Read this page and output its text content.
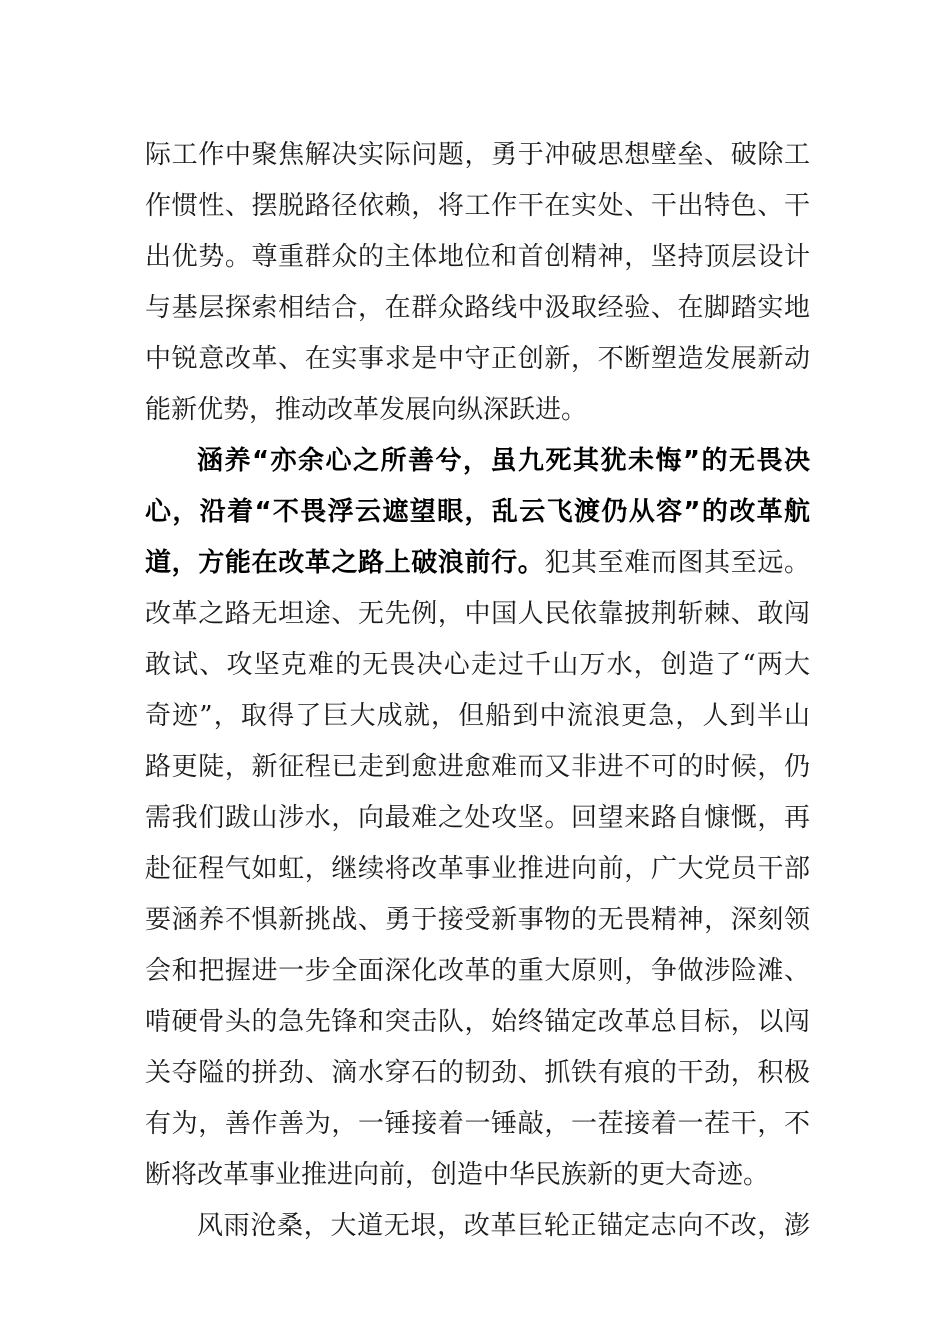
际工作中聚焦解决实际问题，勇于冲破思想壁垒、破除工
作惯性、摆脱路径依赖，将工作干在实处、干出特色、干
出优势。尊重群众的主体地位和首创精神，坚持顶层设计
与基层探索相结合，在群众路线中汲取经验、在脚踏实地
中锐意改革、在实事求是中守正创新，不断塑造发展新动
能新优势，推动改革发展向纵深跃进。
涵养“亦余心之所善兮，虽九死其犹未悔”的无畏决
心，沿着“不畏浮云遮望眼，乱云飞渡仍从容”的改革航
道，方能在改革之路上破浪前行。犯其至难而图其至远。
改革之路无坦途、无先例，中国人民依靠披荆斩棘、敢闯
敢试、攻坚克难的无畏决心走过千山万水，创造了“两大
奇迹”，取得了巨大成就，但船到中流浪更急，人到半山
路更陡，新征程已走到愈进愈难而又非进不可的时候，仍
需我们跋山涉水，向最难之处攻坚。回望来路自慷慨，再
赴征程气如虹，继续将改革事业推进向前，广大党员干部
要涵养不惧新挑战、勇于接受新事物的无畏精神，深刻领
会和把握进一步全面深化改革的重大原则，争做涉险滩、
啃硬骨头的急先锋和突击队，始终锚定改革总目标，以闯
关夺隘的拼劲、滴水穿石的韧劲、抓铁有痕的干劲，积极
有为，善作善为，一锤接着一锤敲，一茬接着一茬干，不
断将改革事业推进向前，创造中华民族新的更大奇迹。
风雨沧桑，大道无垠，改革巨轮正锚定志向不改，澎
